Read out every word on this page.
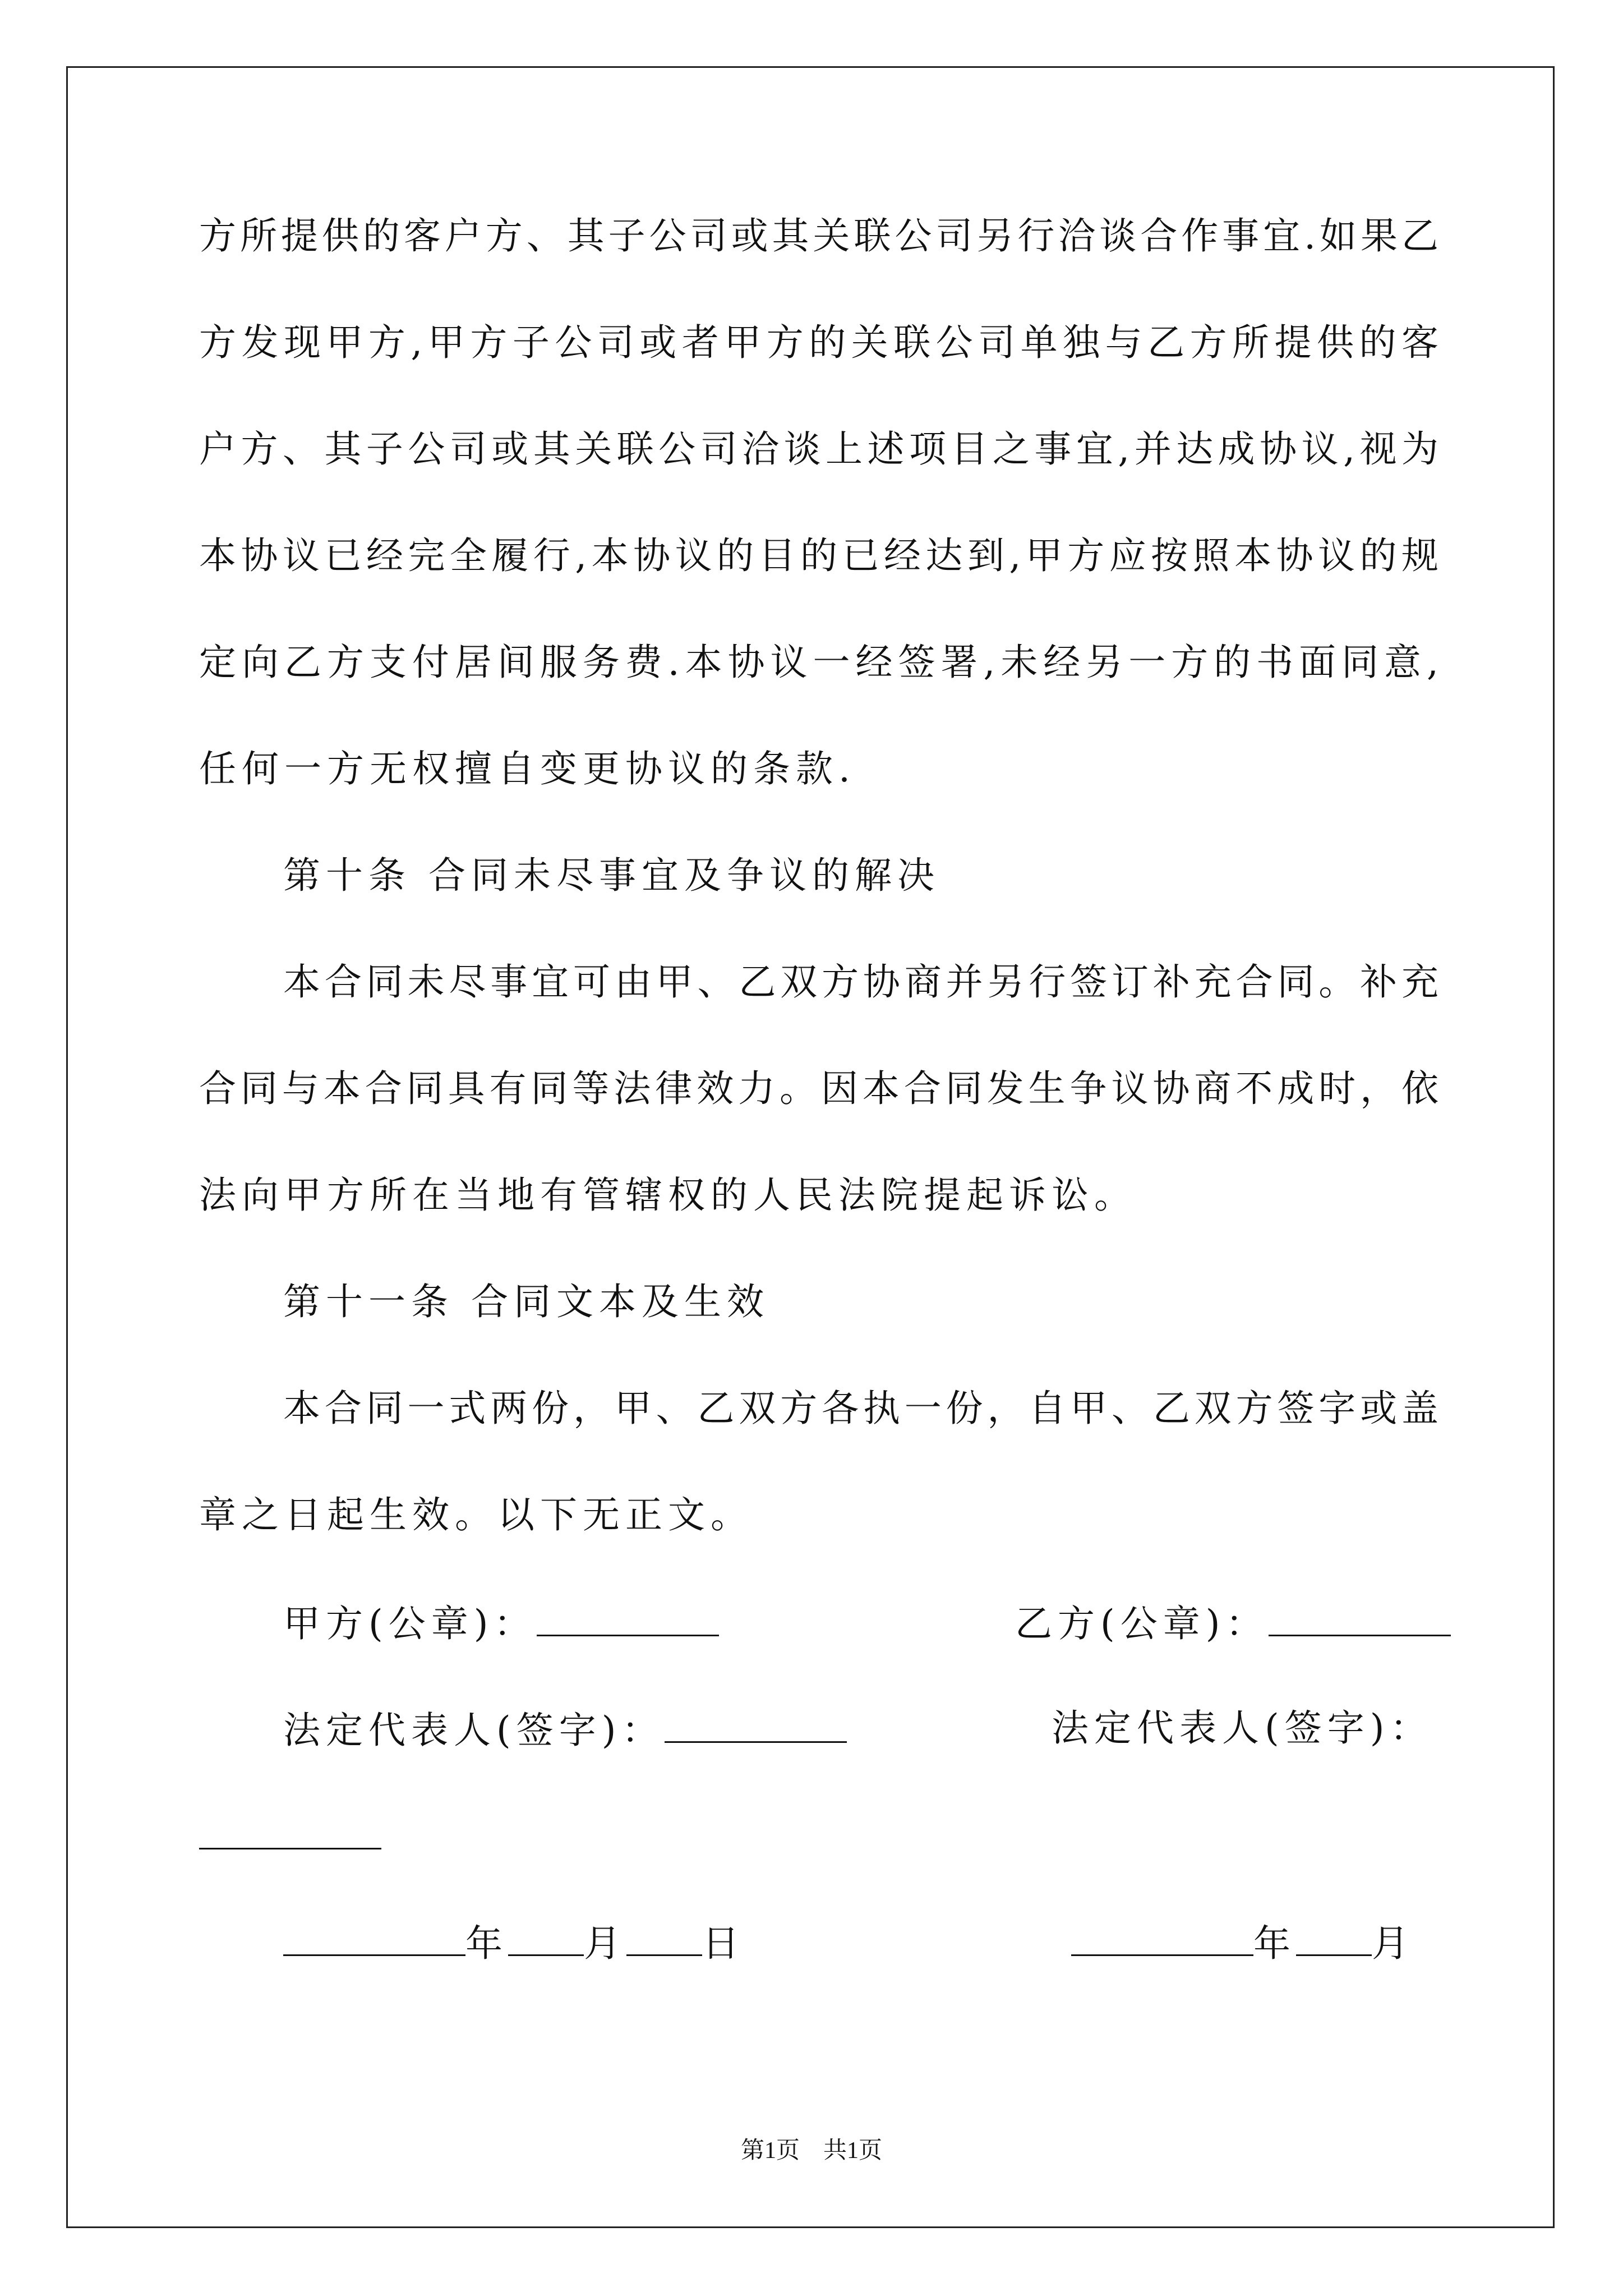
方所提供的客户方、其子公司或其关联公司另行洽谈合作事宜.如果乙
方发现甲方,甲方子公司或者甲方的关联公司单独与乙方所提供的客
户方、其子公司或其关联公司洽谈上述项目之事宜,并达成协议,视为
本协议已经完全履行,本协议的目的已经达到,甲方应按照本协议的规
定向乙方支付居间服务费.本协议一经签署,未经另一方的书面同意,
任何一方无权擅自变更协议的条款.
第十条 合同未尽事宜及争议的解决
本合同未尽事宜可由甲、乙双方协商并另行签订补充合同。补充
合同与本合同具有同等法律效力。因本合同发生争议协商不成时，依
法向甲方所在当地有管辖权的人民法院提起诉讼。
第十一条 合同文本及生效
本合同一式两份，甲、乙双方各执一份，自甲、乙双方签字或盖
章之日起生效。以下无正文。
甲方(公章)：	乙方(公章)：
法定代表人(签字)：	法定代表人(签字)：
年 月 日	年 月
第1页　共1页
